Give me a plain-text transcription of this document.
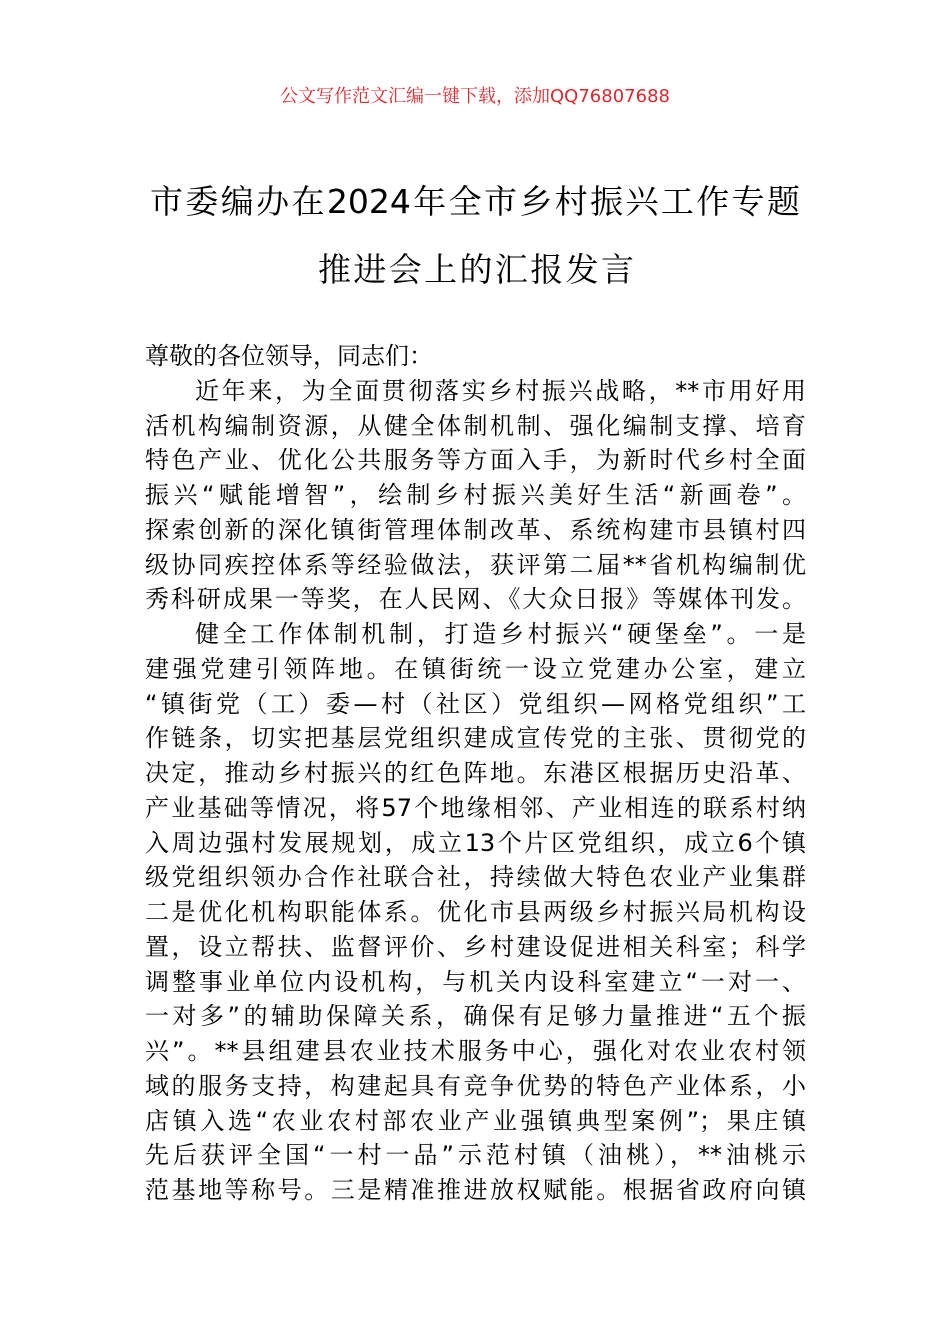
公文写作范文汇编一键下载，添加QQ76807688
市委编办在2024年全市乡村振兴工作专题
推进会上的汇报发言
尊敬的各位领导，同志们：
近年来，为全面贯彻落实乡村振兴战略，**市用好用
活机构编制资源，从健全体制机制、强化编制支撑、培育
特色产业、优化公共服务等方面入手，为新时代乡村全面
振兴“赋能增智”，绘制乡村振兴美好生活“新画卷”。
探索创新的深化镇街管理体制改革、系统构建市县镇村四
级协同疾控体系等经验做法，获评第二届**省机构编制优
秀科研成果一等奖，在人民网、《大众日报》等媒体刊发。
健全工作体制机制，打造乡村振兴“硬堡垒”。一是
建强党建引领阵地。在镇街统一设立党建办公室，建立
“镇街党（工）委—村（社区）党组织—网格党组织”工
作链条，切实把基层党组织建成宣传党的主张、贯彻党的
决定，推动乡村振兴的红色阵地。东港区根据历史沿革、
产业基础等情况，将57个地缘相邻、产业相连的联系村纳
入周边强村发展规划，成立13个片区党组织，成立6个镇
级党组织领办合作社联合社，持续做大特色农业产业集群
二是优化机构职能体系。优化市县两级乡村振兴局机构设
置，设立帮扶、监督评价、乡村建设促进相关科室；科学
调整事业单位内设机构，与机关内设科室建立“一对一、
一对多”的辅助保障关系，确保有足够力量推进“五个振
兴”。**县组建县农业技术服务中心，强化对农业农村领
域的服务支持，构建起具有竞争优势的特色产业体系，小
店镇入选“农业农村部农业产业强镇典型案例”；果庄镇
先后获评全国“一村一品”示范村镇（油桃），**油桃示
范基地等称号。三是精准推进放权赋能。根据省政府向镇
